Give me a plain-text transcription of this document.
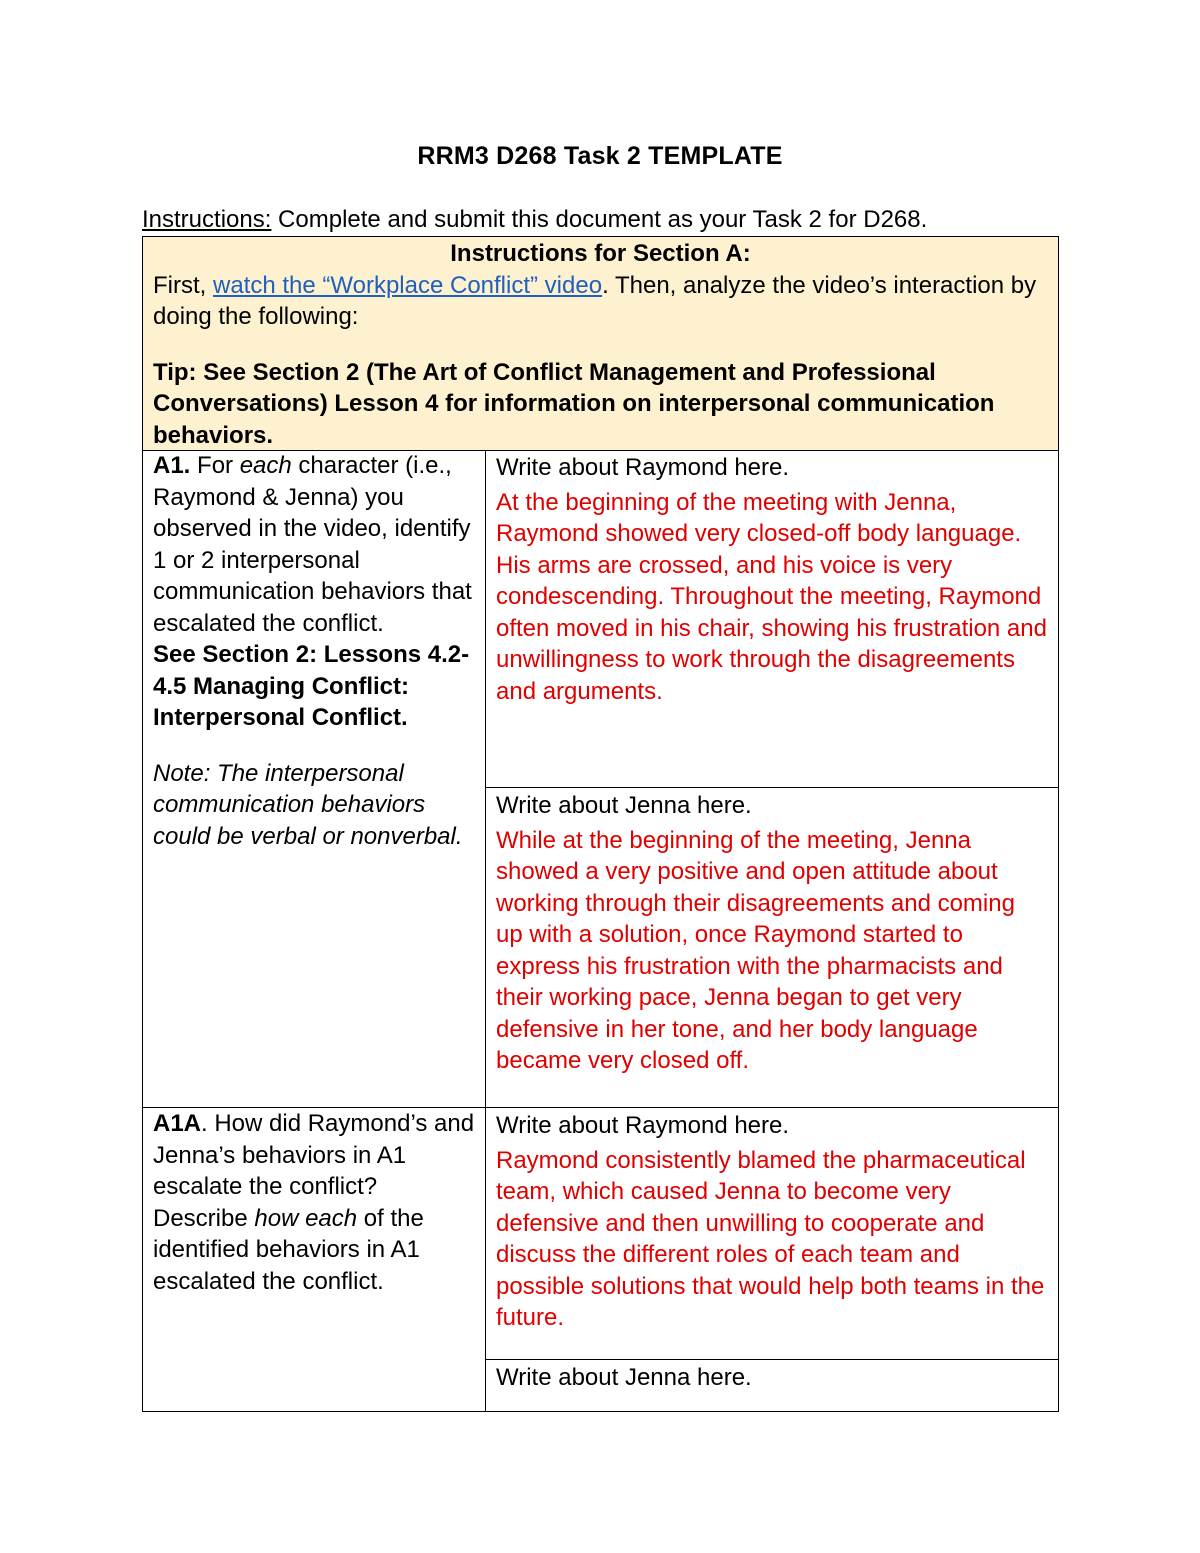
RRM3 D268 Task 2 TEMPLATE
Instructions: Complete and submit this document as your Task 2 for D268.
Instructions for Section A:
First, watch the “Workplace Conflict” video. Then, analyze the video’s interaction by doing the following:
Tip: See Section 2 (The Art of Conflict Management and Professional Conversations) Lesson 4 for information on interpersonal communication behaviors.
A1. For each character (i.e., Raymond & Jenna) you observed in the video, identify 1 or 2 interpersonal communication behaviors that escalated the conflict.
See Section 2: Lessons 4.2-4.5 Managing Conflict: Interpersonal Conflict.
Note: The interpersonal communication behaviors could be verbal or nonverbal.
Write about Raymond here.
At the beginning of the meeting with Jenna, Raymond showed very closed-off body language. His arms are crossed, and his voice is very condescending. Throughout the meeting, Raymond often moved in his chair, showing his frustration and unwillingness to work through the disagreements and arguments.
Write about Jenna here.
While at the beginning of the meeting, Jenna showed a very positive and open attitude about working through their disagreements and coming up with a solution, once Raymond started to express his frustration with the pharmacists and their working pace, Jenna began to get very defensive in her tone, and her body language became very closed off.
A1A. How did Raymond’s and Jenna’s behaviors in A1 escalate the conflict? Describe how each of the identified behaviors in A1 escalated the conflict.
Write about Raymond here.
Raymond consistently blamed the pharmaceutical team, which caused Jenna to become very defensive and then unwilling to cooperate and discuss the different roles of each team and possible solutions that would help both teams in the future.
Write about Jenna here.
